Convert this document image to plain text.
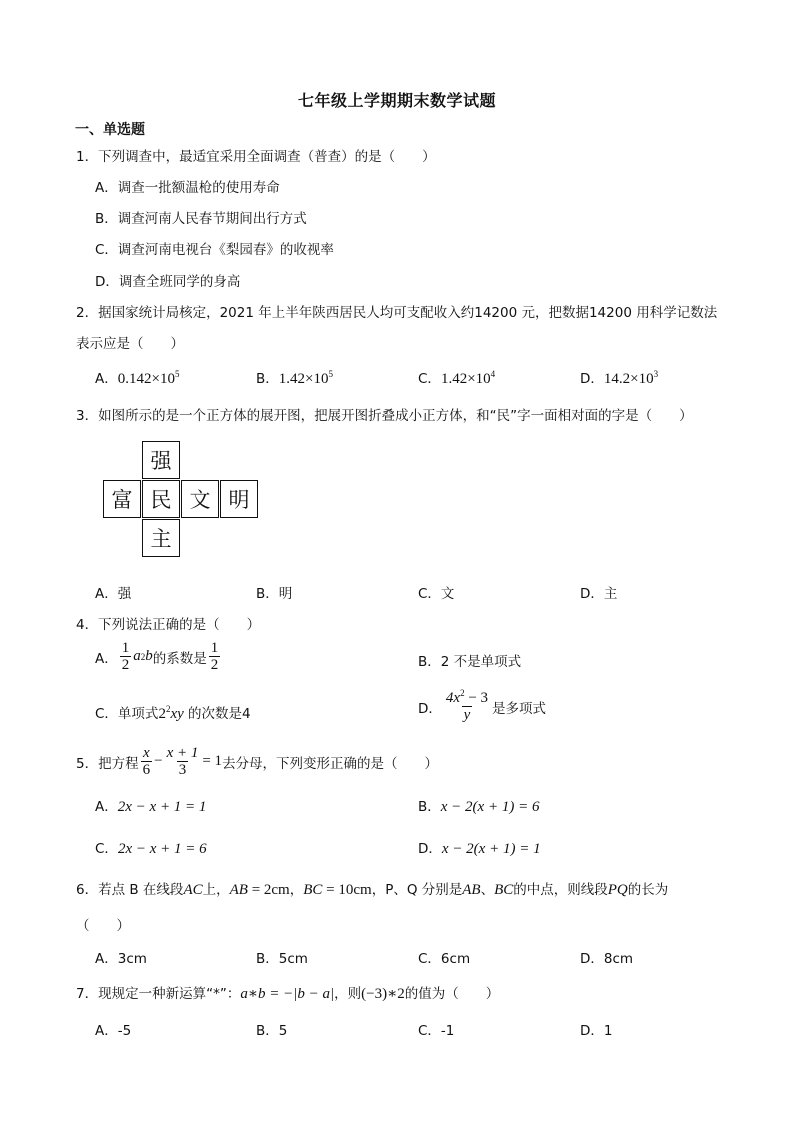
七年级上学期期末数学试题
一、单选题
1．下列调查中，最适宜采用全面调查（普查）的是（　　）
A．调查一批额温枪的使用寿命
B．调查河南人民春节期间出行方式
C．调查河南电视台《梨园春》的收视率
D．调查全班同学的身高
2．据国家统计局核定，2021 年上半年陕西居民人均可支配收入约14200 元，把数据14200 用科学记数法
表示应是（　　）
A．$0.142\times 10^5$	B．$1.42\times 10^5$	C．$1.42\times 10^4$	D．$14.2\times 10^3$
3．如图所示的是一个正方体的展开图，把展开图折叠成小正方体，和“民”字一面相对面的字是（　　）
强
富 民 文 明
主
A．强	B．明	C．文	D．主
4．下列说法正确的是（　　）
A． $\frac{1}{2}$ a 2 b 的系数是 $\frac{1}{2}$	B．2 不是单项式
C．单项式$2^2xy$ 的次数是4	D． $\frac{4x^2 - 3}{y}$ 是多项式
5．把方程 $\frac{x}{6} - \frac{x + 1}{3} = 1$ 去分母，下列变形正确的是（　　）
A．2x − x + 1 = 1	B．x − 2(x + 1) = 6
C．2x − x + 1 = 6	D．x − 2(x + 1) = 1
6．若点 B 在线段AC上，AB = 2cm，BC = 10cm，P、Q 分别是AB、BC的中点，则线段PQ的长为
（　　）
A．3cm	B．5cm	C．6cm	D．8cm
7．现规定一种新运算“*”：a∗b = −|b − a|，则(−3)∗2的值为（　　）
A．-5	B．5	C．-1	D．1
